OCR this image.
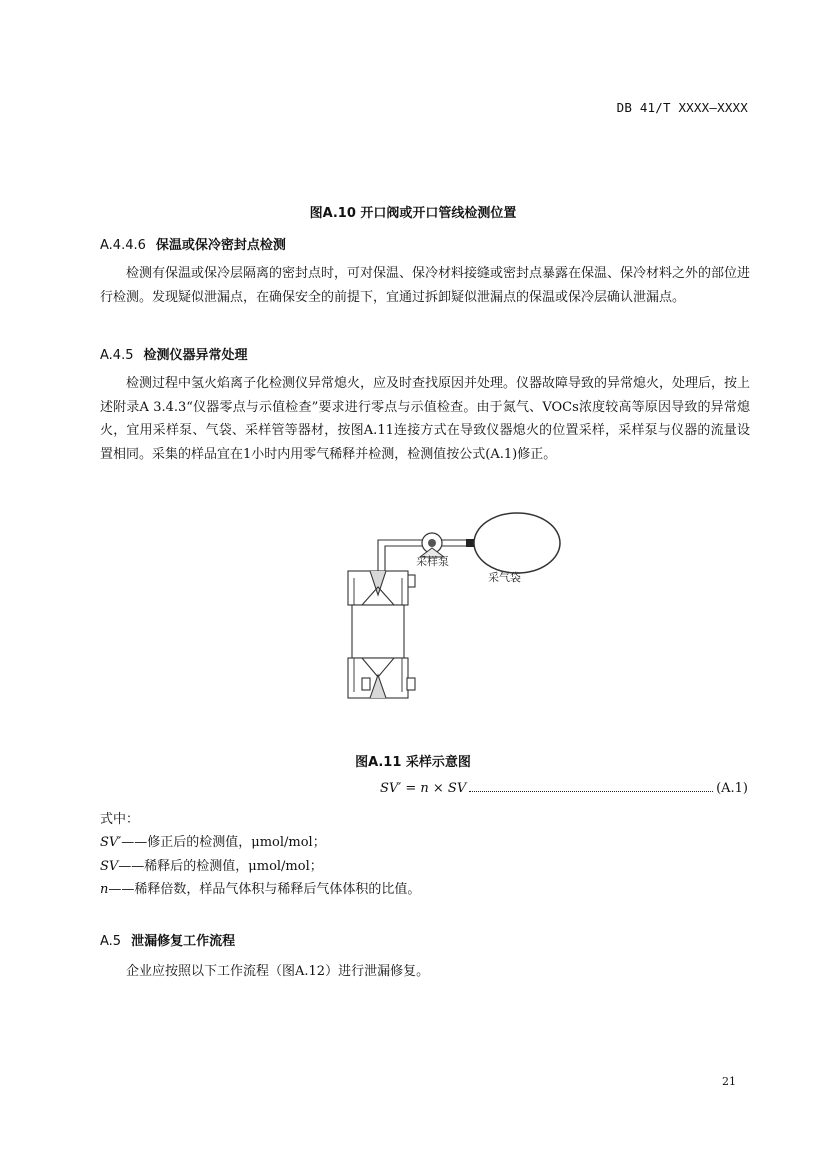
DB 41/T XXXX—XXXX
图A.10 开口阀或开口管线检测位置
A.4.4.6 保温或保冷密封点检测
检测有保温或保冷层隔离的密封点时，可对保温、保冷材料接缝或密封点暴露在保温、保冷材料之外的部位进行检测。发现疑似泄漏点，在确保安全的前提下，宜通过拆卸疑似泄漏点的保温或保冷层确认泄漏点。
A.4.5 检测仪器异常处理
检测过程中氢火焰离子化检测仪异常熄火，应及时查找原因并处理。仪器故障导致的异常熄火，处理后，按上述附录A 3.4.3“仪器零点与示值检查”要求进行零点与示值检查。由于氮气、VOCs浓度较高等原因导致的异常熄火，宜用采样泵、气袋、采样管等器材，按图A.11连接方式在导致仪器熄火的位置采样，采样泵与仪器的流量设置相同。采集的样品宜在1小时内用零气稀释并检测，检测值按公式(A.1)修正。
采样泵
采气袋
图A.11 采样示意图
SV′ = n × SV	(A.1)
式中：
SV′——修正后的检测值，μmol/mol；
SV——稀释后的检测值，μmol/mol；
n——稀释倍数，样品气体积与稀释后气体体积的比值。
A.5 泄漏修复工作流程
企业应按照以下工作流程（图A.12）进行泄漏修复。
21
